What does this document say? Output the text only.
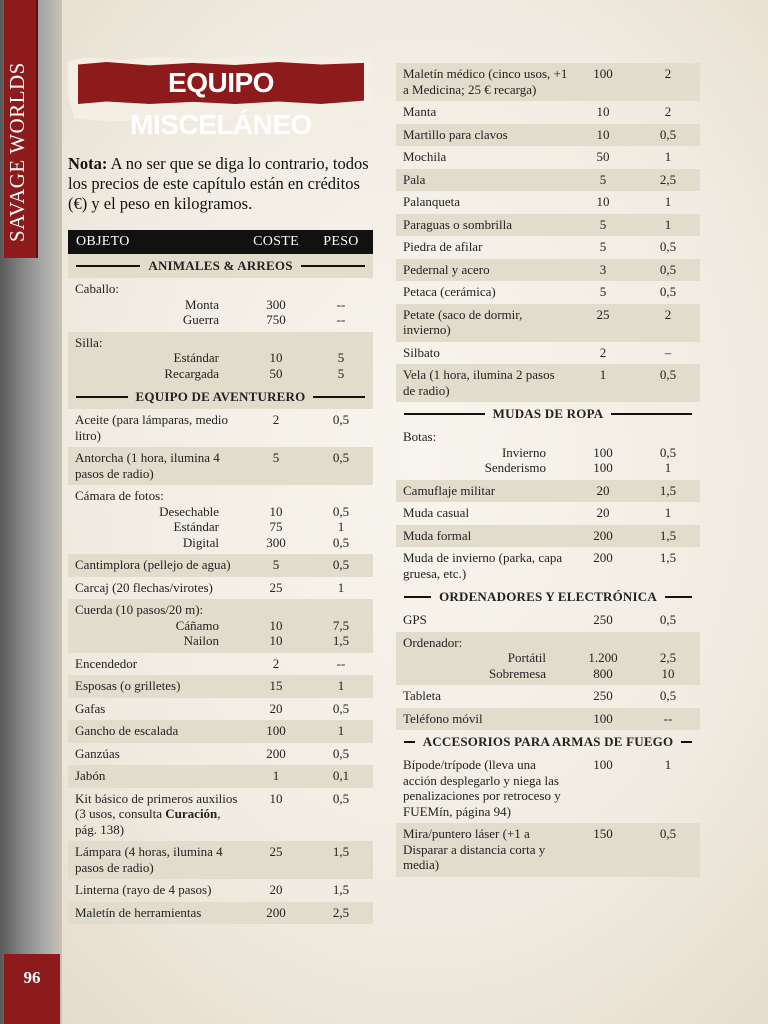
SAVAGE WORLDS
96
EQUIPO MISCELÁNEO
Nota: A no ser que se diga lo contrario, todos los precios de este capítulo están en créditos (€) y el peso en kilogramos.
OBJETO	COSTE	PESO
ANIMALES & ARREOS
Caballo:
Monta	300	--
Guerra	750	--
Silla:
Estándar	10	5
Recargada	50	5
EQUIPO DE AVENTURERO
Aceite (para lámparas, medio litro)
2	0,5
Antorcha (1 hora, ilumina 4 pasos de radio)
5	0,5
Cámara de fotos:
Desechable	10	0,5
Estándar	75	1
Digital	300	0,5
Cantimplora (pellejo de agua)	5	0,5
Carcaj (20 flechas/virotes)	25	1
Cuerda (10 pasos/20 m):
Cáñamo	10	7,5
Nailon	10	1,5
Encendedor	2	--
Esposas (o grilletes)	15	1
Gafas	20	0,5
Gancho de escalada	100	1
Ganzúas	200	0,5
Jabón	1	0,1
Kit básico de primeros auxilios (3 usos, consulta Curación, pág. 138)
10	0,5
Lámpara (4 horas, ilumina 4 pasos de radio)
25	1,5
Linterna (rayo de 4 pasos)	20	1,5
Maletín de herramientas	200	2,5
Maletín médico (cinco usos, +1 a Medicina; 25 € recarga)
100	2
Manta	10	2
Martillo para clavos	10	0,5
Mochila	50	1
Pala	5	2,5
Palanqueta	10	1
Paraguas o sombrilla	5	1
Piedra de afilar	5	0,5
Pedernal y acero	3	0,5
Petaca (cerámica)	5	0,5
Petate (saco de dormir, invierno)
25	2
Silbato	2	–
Vela (1 hora, ilumina 2 pasos de radio)
1	0,5
MUDAS DE ROPA
Botas:
Invierno	100	0,5
Senderismo	100	1
Camuflaje militar	20	1,5
Muda casual	20	1
Muda formal	200	1,5
Muda de invierno (parka, capa gruesa, etc.)
200	1,5
ORDENADORES Y ELECTRÓNICA
GPS	250	0,5
Ordenador:
Portátil	1.200	2,5
Sobremesa	800	10
Tableta	250	0,5
Teléfono móvil	100	--
ACCESORIOS PARA ARMAS DE FUEGO
Bípode/trípode (lleva una acción desplegarlo y niega las penalizaciones por retroceso y FUEMín, página 94)
100	1
Mira/puntero láser (+1 a Disparar a distancia corta y media)
150	0,5
